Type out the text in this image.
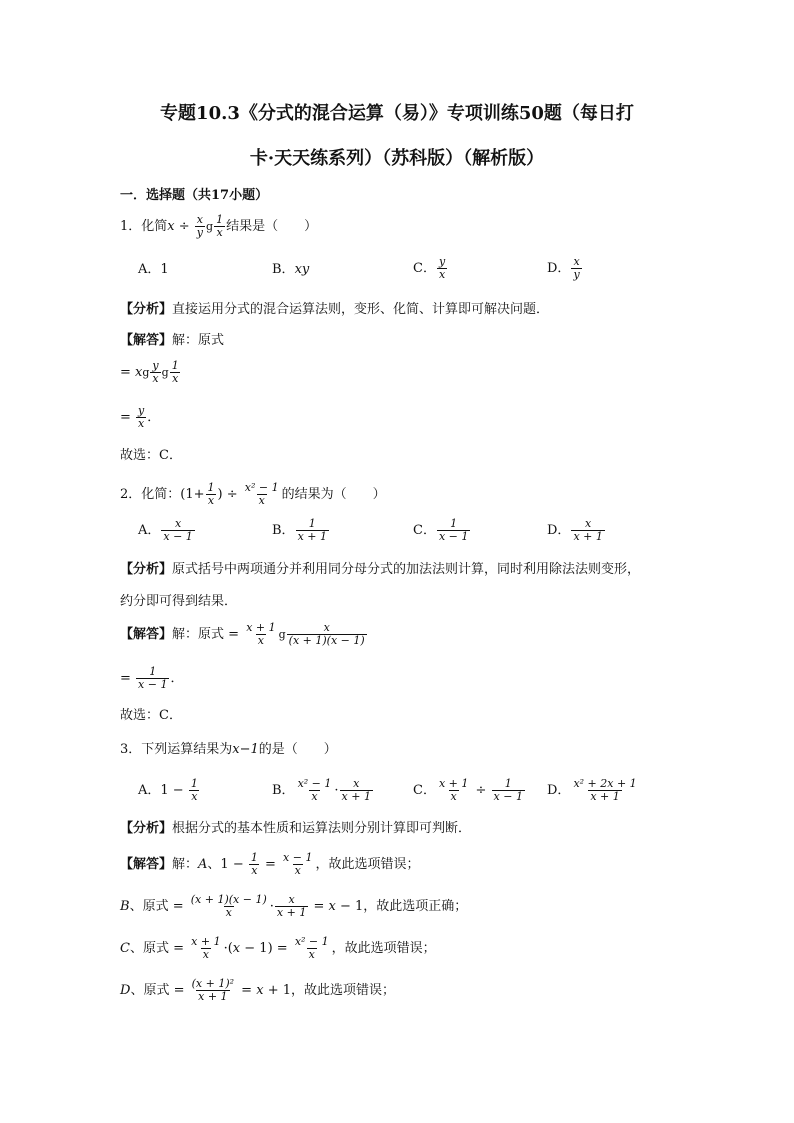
专题10.3《分式的混合运算（易）》专项训练50题（每日打
卡·天天练系列）（苏科版）（解析版）
一．选择题（共17小题）
1．化简$x \div \frac{x}{y}$ g $\frac{1}{x}$ 结果是（　　）
A．1	B．xy	C． $\frac{y}{x}$	D． $\frac{x}{y}$
【分析】直接运用分式的混合运算法则，变形、化简、计算即可解决问题．
【解答】解：原式
= xg $\frac{y}{x}$ g $\frac{1}{x}$
= $\frac{y}{x}$ ．
故选：C．
2．化简：($1+ \frac{1}{x}$ ) ÷ $\frac{\text{x² − 1}}{x}$ 的结果为（　　）
A． $\frac{x}{x - 1}$	B． $\frac{1}{x + 1}$	C． $\frac{1}{x - 1}$	D． $\frac{x}{x + 1}$
【分析】原式括号中两项通分并利用同分母分式的加法法则计算，同时利用除法法则变形，
约分即可得到结果．
【解答】解：原式 = $\frac{x + 1}{x}$ g $\frac{x}{(x + 1)(x - 1)}$
= $\frac{1}{x - 1}$ ．
故选：C．
3．下列运算结果为x−1的是（　　）
A．$1 - \frac{1}{x}$	B． $\frac{\text{x² − 1}}{x} \cdot \frac{x}{x + 1}$	C． $\frac{x + 1}{x} \div \frac{1}{x - 1}$ D． $\frac{\text{x² + 2x + 1}}{x + 1}$
【分析】根据分式的基本性质和运算法则分别计算即可判断．
【解答】解：A、$1 - \frac{1}{x} = \frac{x - 1}{x}$ ，故此选项错误；
B、原式 = $\frac{(x + 1)(x - 1)}{x} \cdot \frac{x}{x + 1} = x - 1$，故此选项正确；
C、原式 = $\frac{x + 1}{x} \cdot(x - 1) = \frac{\text{x² − 1}}{x}$ ，故此选项错误；
D、原式 = $\frac{\text{(x + 1)²}}{x + 1} = x + 1$，故此选项错误；
